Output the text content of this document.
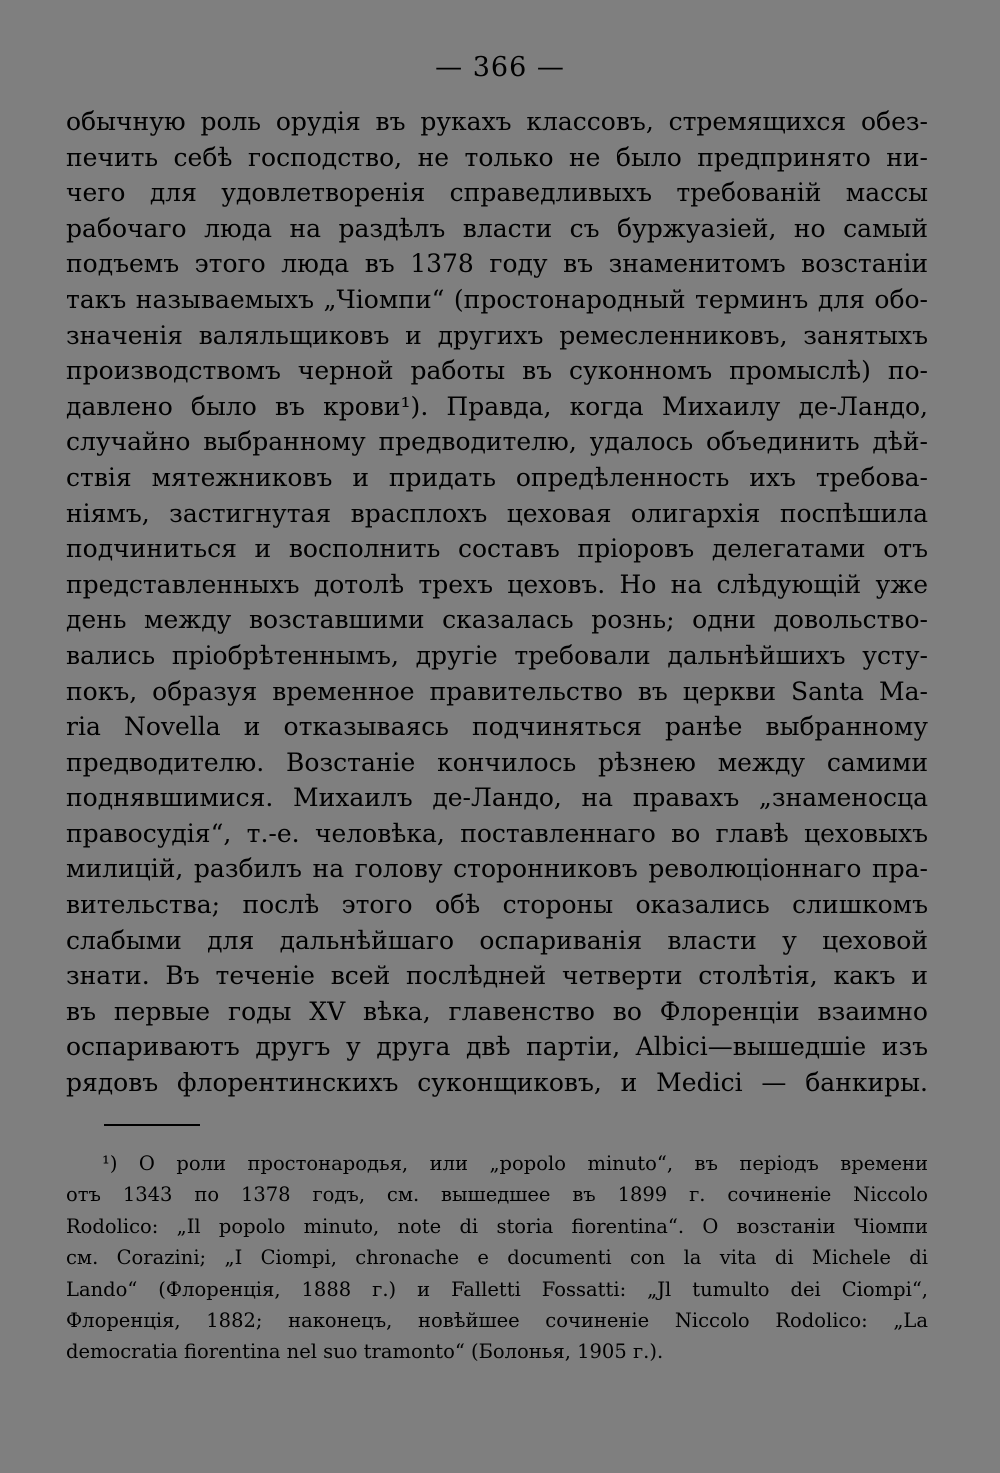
— 366 —
обычную роль орудія въ рукахъ классовъ, стремящихся обез-
печить себѣ господство, не только не было предпринято ни-
чего для удовлетворенія справедливыхъ требованій массы
рабочаго люда на раздѣлъ власти съ буржуазіей, но самый
подъемъ этого люда въ 1378 году въ знаменитомъ возстаніи
такъ называемыхъ „Чіомпи“ (простонародный терминъ для обо-
значенія валяльщиковъ и другихъ ремесленниковъ, занятыхъ
производствомъ черной работы въ суконномъ промыслѣ) по-
давлено было въ крови¹). Правда, когда Михаилу де-Ландо,
случайно выбранному предводителю, удалось объединить дѣй-
ствія мятежниковъ и придать опредѣленность ихъ требова-
ніямъ, застигнутая врасплохъ цеховая олигархія поспѣшила
подчиниться и восполнить составъ пріоровъ делегатами отъ
представленныхъ дотолѣ трехъ цеховъ. Но на слѣдующій уже
день между возставшими сказалась рознь; одни довольство-
вались пріобрѣтеннымъ, другіе требовали дальнѣйшихъ усту-
покъ, образуя временное правительство въ церкви Santa Ma-
ria Novella и отказываясь подчиняться ранѣе выбранному
предводителю. Возстаніе кончилось рѣзнею между самими
поднявшимися. Михаилъ де-Ландо, на правахъ „знаменосца
правосудія“, т.-е. человѣка, поставленнаго во главѣ цеховыхъ
милицій, разбилъ на голову сторонниковъ революціоннаго пра-
вительства; послѣ этого обѣ стороны оказались слишкомъ
слабыми для дальнѣйшаго оспариванія власти у цеховой
знати. Въ теченіе всей послѣдней четверти столѣтія, какъ и
въ первые годы XV вѣка, главенство во Флоренціи взаимно
оспариваютъ другъ у друга двѣ партіи, Albici—вышедшіе изъ
рядовъ флорентинскихъ суконщиковъ, и Medici — банкиры.
¹) О роли простонародья, или „popolo minuto“, въ періодъ времени
отъ 1343 по 1378 годъ, см. вышедшее въ 1899 г. сочиненіе Niccolo
Rodolico: „Il popolo minuto, note di storia fiorentina“. О возстаніи Чіомпи
см. Corazini; „I Ciompi, chronache e documenti con la vita di Michele di
Lando“ (Флоренція, 1888 г.) и Falletti Fossatti: „Jl tumulto dei Ciompi“,
Флоренція, 1882; наконецъ, новѣйшее сочиненіе Niccolo Rodolico: „La
democratia fiorentina nel suo tramonto“ (Болонья, 1905 г.).
